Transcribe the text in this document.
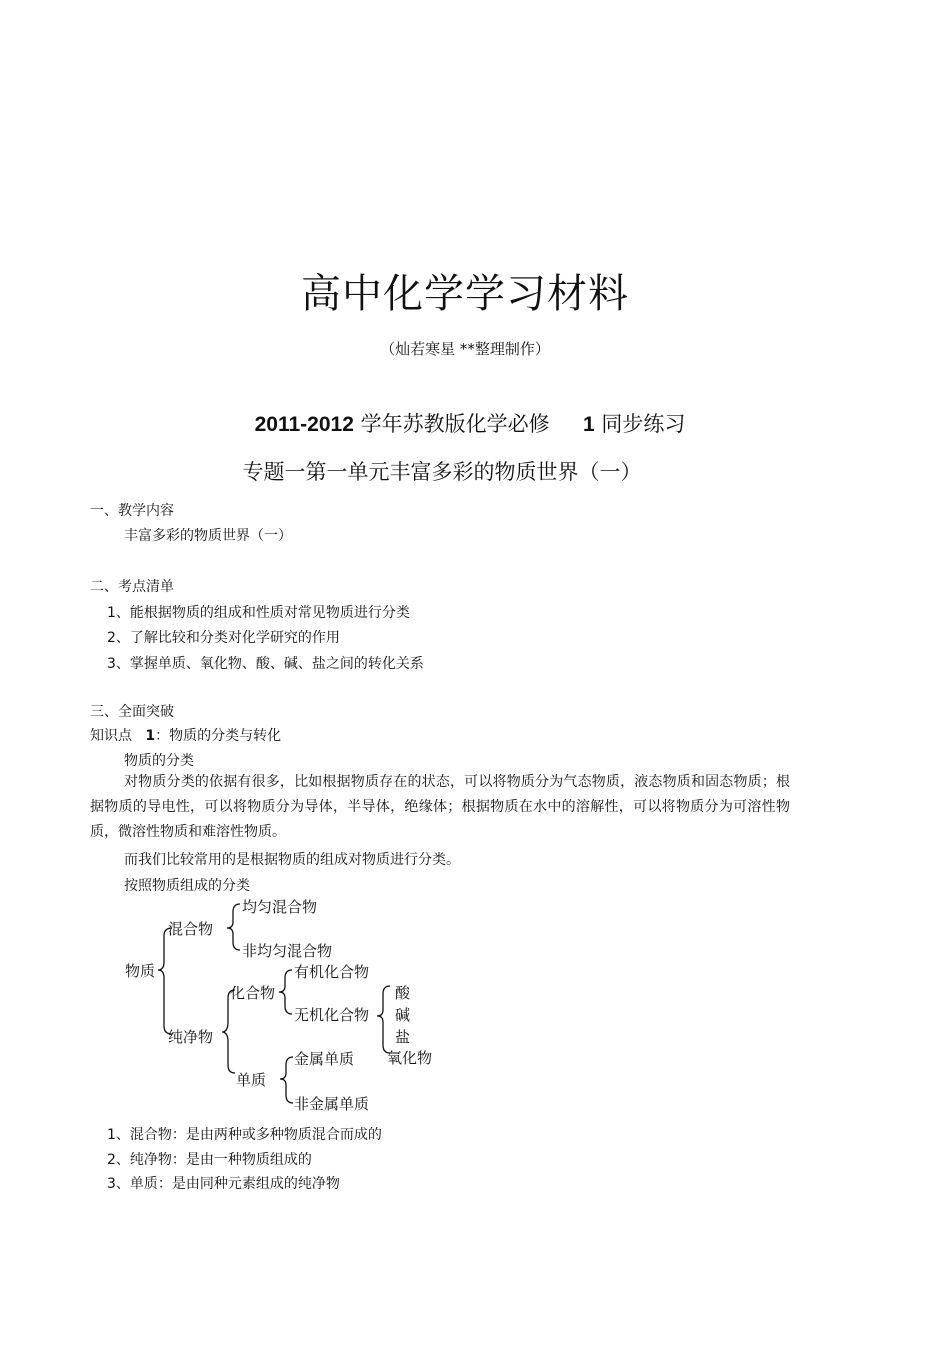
高中化学学习材料
（灿若寒星 **整理制作）
2011-2012 学年苏教版化学必修 1 同步练习
专题一第一单元丰富多彩的物质世界（一）
一、教学内容
丰富多彩的物质世界（一）
二、考点清单
1、能根据物质的组成和性质对常见物质进行分类
2、了解比较和分类对化学研究的作用
3、掌握单质、氧化物、酸、碱、盐之间的转化关系
三、全面突破
知识点 1：物质的分类与转化
物质的分类
对物质分类的依据有很多，比如根据物质存在的状态，可以将物质分为气态物质，液态物质和固态物质；根据物质的导电性，可以将物质分为导体，半导体，绝缘体；根据物质在水中的溶解性，可以将物质分为可溶性物质，微溶性物质和难溶性物质。
而我们比较常用的是根据物质的组成对物质进行分类。
按照物质组成的分类
物质
混合物
均匀混合物
非均匀混合物
纯净物
化合物
有机化合物
无机化合物
酸
碱
盐
氧化物
单质
金属单质
非金属单质
1、混合物：是由两种或多种物质混合而成的
2、纯净物：是由一种物质组成的
3、单质：是由同种元素组成的纯净物
